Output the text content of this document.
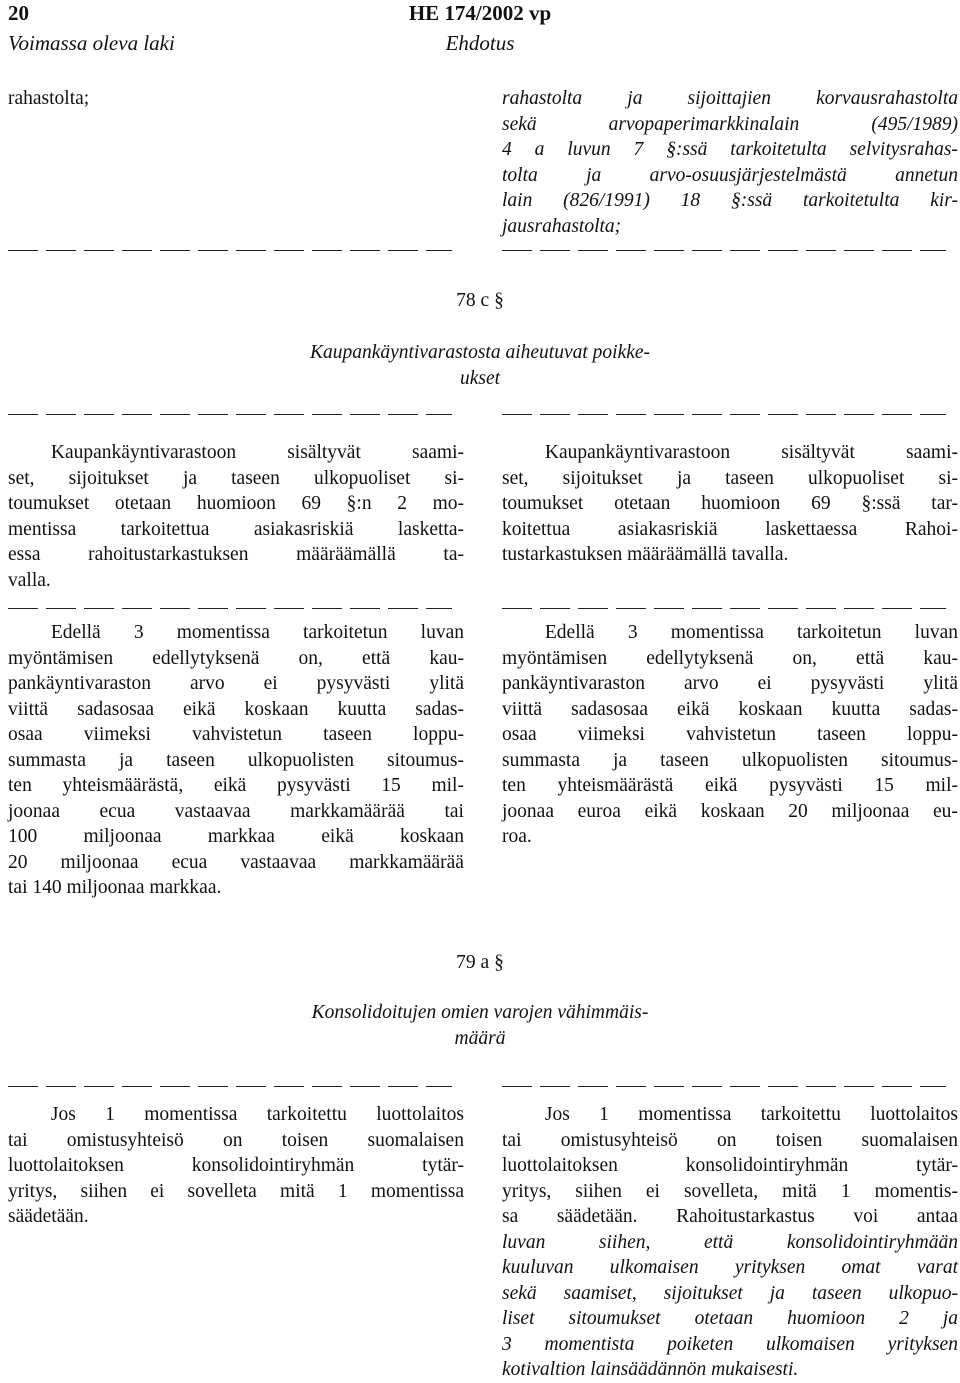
20	HE 174/2002 vp
Voimassa oleva laki	Ehdotus
rahastolta;	rahastolta ja sijoittajien korvausrahastolta
sekä	arvopaperimarkkinalain	(495/1989)
4 a luvun 7 §:ssä tarkoitetulta selvitysrahas-
tolta ja arvo-osuusjärjestelmästä annetun
lain (826/1991) 18 §:ssä tarkoitetulta kir-
jausrahastolta;
78 c §
Kaupankäyntivarastosta aiheutuvat poikke-
ukset
Kaupankäyntivarastoon	sisältyvät	saami-
set, sijoitukset ja taseen ulkopuoliset si-
toumukset otetaan huomioon 69 §:n 2 mo-
mentissa tarkoitettua asiakasriskiä lasketta-
essa rahoitustarkastuksen määräämällä ta-
valla.
Kaupankäyntivarastoon	sisältyvät	saami-
set, sijoitukset ja taseen ulkopuoliset si-
toumukset otetaan huomioon 69 §:ssä tar-
koitettua asiakasriskiä laskettaessa Rahoi-
tustarkastuksen määräämällä tavalla.
Edellä 3 momentissa tarkoitetun luvan
myöntämisen edellytyksenä on, että kau-
pankäyntivaraston arvo ei pysyvästi ylitä
viittä sadasosaa eikä koskaan kuutta sadas-
osaa viimeksi vahvistetun taseen loppu-
summasta ja taseen ulkopuolisten sitoumus-
ten yhteismäärästä, eikä pysyvästi 15 mil-
joonaa ecua vastaavaa markkamäärää tai
100 miljoonaa markkaa eikä koskaan
20 miljoonaa ecua vastaavaa markkamäärää
tai 140 miljoonaa markkaa.
Edellä 3 momentissa tarkoitetun luvan
myöntämisen edellytyksenä on, että kau-
pankäyntivaraston arvo ei pysyvästi ylitä
viittä sadasosaa eikä koskaan kuutta sadas-
osaa viimeksi vahvistetun taseen loppu-
summasta ja taseen ulkopuolisten sitoumus-
ten yhteismäärästä eikä pysyvästi 15 mil-
joonaa euroa eikä koskaan 20 miljoonaa eu-
roa.
79 a §
Konsolidoitujen omien varojen vähimmäis-
määrä
Jos 1 momentissa tarkoitettu luottolaitos
tai omistusyhteisö on toisen suomalaisen
luottolaitoksen	konsolidointiryhmän	tytär-
yritys, siihen ei sovelleta mitä 1 momentissa
säädetään.
Jos 1 momentissa tarkoitettu luottolaitos
tai omistusyhteisö on toisen suomalaisen
luottolaitoksen	konsolidointiryhmän	tytär-
yritys, siihen ei sovelleta, mitä 1 momentis-
sa säädetään. Rahoitustarkastus voi antaa
luvan	siihen,	että	konsolidointiryhmään
kuuluvan ulkomaisen yrityksen omat varat
sekä saamiset, sijoitukset ja taseen ulkopuo-
liset sitoumukset otetaan huomioon 2 ja
3 momentista poiketen ulkomaisen yrityksen
kotivaltion lainsäädännön mukaisesti.
